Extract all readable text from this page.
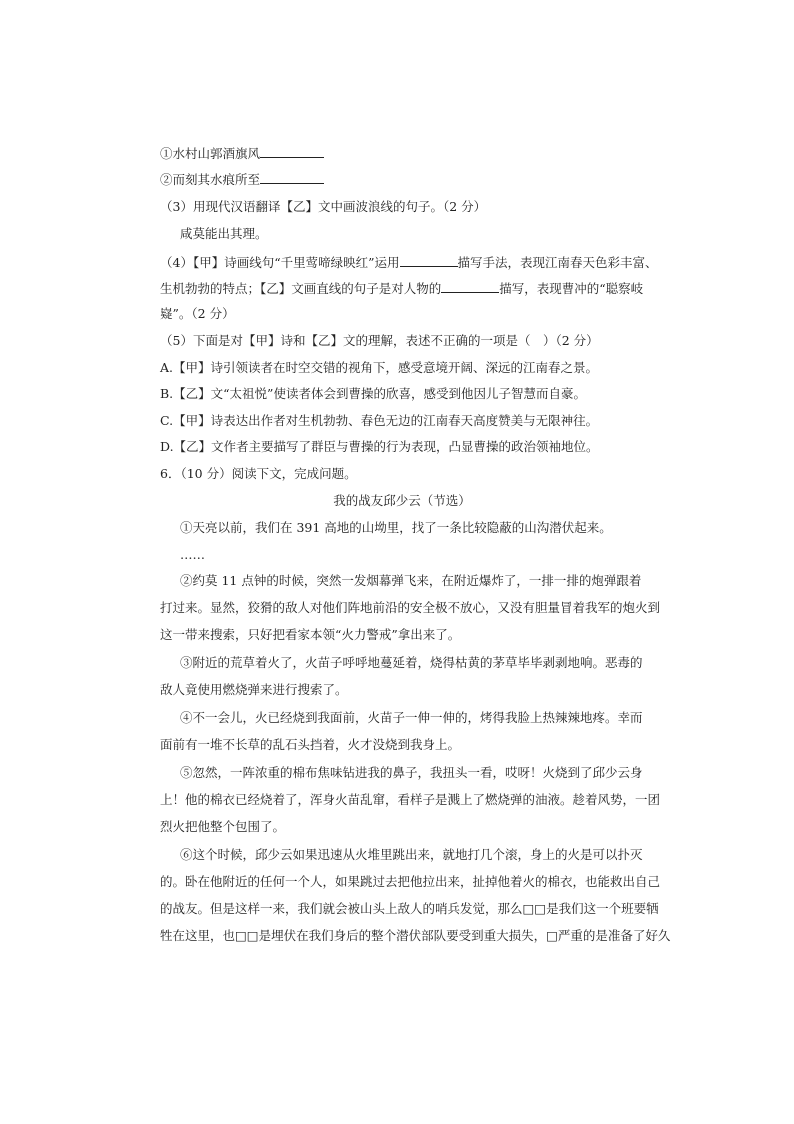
①水村山郭酒旗风
②而刻其水痕所至
（3）用现代汉语翻译【乙】文中画波浪线的句子。（2 分）
咸莫能出其理。
（4）【甲】诗画线句“千里莺啼绿映红”运用	描写手法，表现江南春天色彩丰富、
生机勃勃的特点；【乙】文画直线的句子是对人物的	描写，表现曹冲的“聪察岐
嶷”。（2 分）
（5）下面是对【甲】诗和【乙】文的理解，表述不正确的一项是（　）（2 分）
A.【甲】诗引领读者在时空交错的视角下，感受意境开阔、深远的江南春之景。
B.【乙】文“太祖悦”使读者体会到曹操的欣喜，感受到他因儿子智慧而自豪。
C.【甲】诗表达出作者对生机勃勃、春色无边的江南春天高度赞美与无限神往。
D.【乙】文作者主要描写了群臣与曹操的行为表现，凸显曹操的政治领袖地位。
6．（10 分）阅读下文，完成问题。
我的战友邱少云（节选）
①天亮以前，我们在 391 高地的山坳里，找了一条比较隐蔽的山沟潜伏起来。
……
②约莫 11 点钟的时候，突然一发烟幕弹飞来，在附近爆炸了，一排一排的炮弹跟着
打过来。显然，狡猾的敌人对他们阵地前沿的安全极不放心，又没有胆量冒着我军的炮火到
这一带来搜索，只好把看家本领“火力警戒”拿出来了。
③附近的荒草着火了，火苗子呼呼地蔓延着，烧得枯黄的茅草毕毕剥剥地响。恶毒的
敌人竟使用燃烧弹来进行搜索了。
④不一会儿，火已经烧到我面前，火苗子一伸一伸的，烤得我脸上热辣辣地疼。幸而
面前有一堆不长草的乱石头挡着，火才没烧到我身上。
⑤忽然，一阵浓重的棉布焦味钻进我的鼻子，我扭头一看，哎呀！火烧到了邱少云身
上！他的棉衣已经烧着了，浑身火苗乱窜，看样子是溅上了燃烧弹的油液。趁着风势，一团
烈火把他整个包围了。
⑥这个时候，邱少云如果迅速从火堆里跳出来，就地打几个滚，身上的火是可以扑灭
的。卧在他附近的任何一个人，如果跳过去把他拉出来，扯掉他着火的棉衣，也能救出自己
的战友。但是这样一来，我们就会被山头上敌人的哨兵发觉，那么□□是我们这一个班要牺
牲在这里，也□□是埋伏在我们身后的整个潜伏部队要受到重大损失，□严重的是准备了好久
